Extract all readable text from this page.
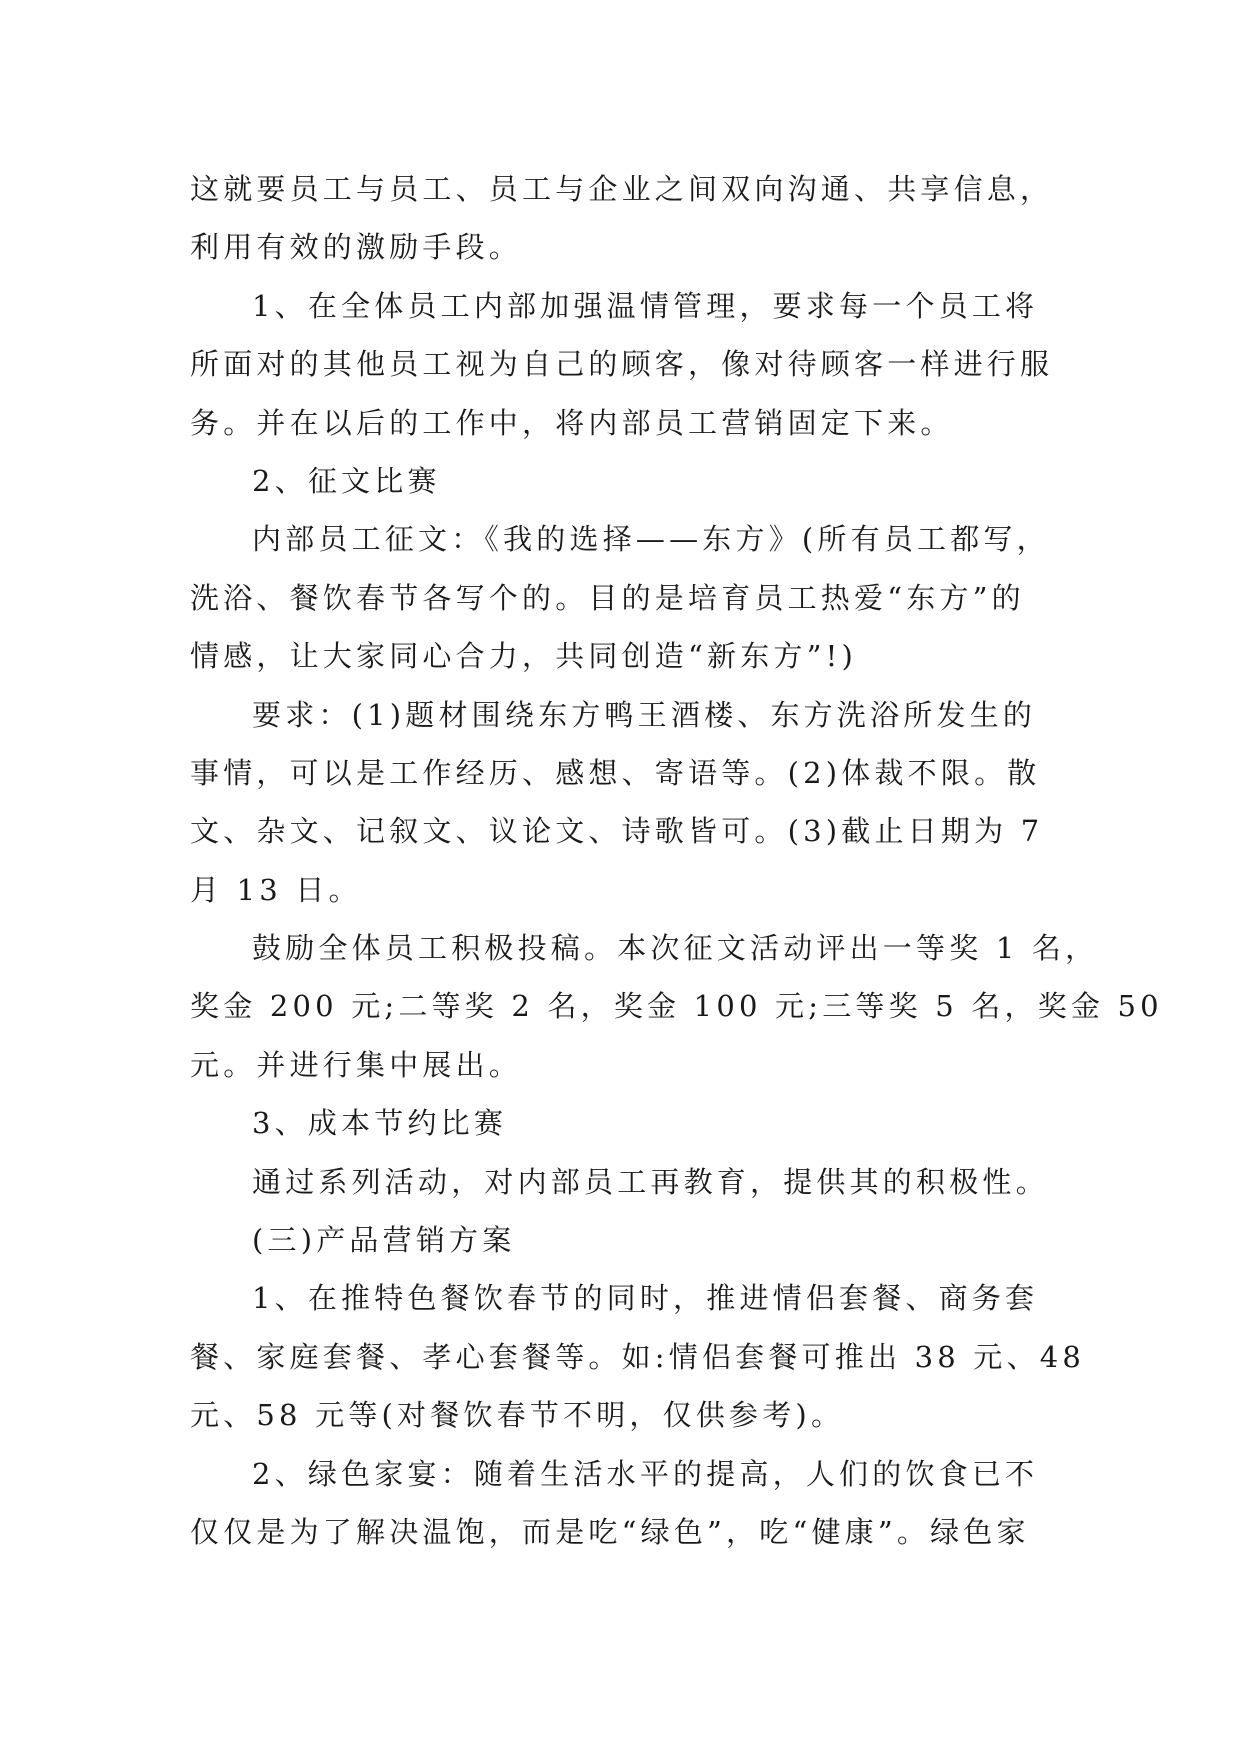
这就要员工与员工、员工与企业之间双向沟通、共享信息，
利用有效的激励手段。
1、在全体员工内部加强温情管理，要求每一个员工将
所面对的其他员工视为自己的顾客，像对待顾客一样进行服
务。并在以后的工作中，将内部员工营销固定下来。
2、征文比赛
内部员工征文：《我的选择——东方》(所有员工都写，
洗浴、餐饮春节各写个的。目的是培育员工热爱“东方”的
情感，让大家同心合力，共同创造“新东方”!)
要求：(1)题材围绕东方鸭王酒楼、东方洗浴所发生的
事情，可以是工作经历、感想、寄语等。(2)体裁不限。散
文、杂文、记叙文、议论文、诗歌皆可。(3)截止日期为 7
月 13 日。
鼓励全体员工积极投稿。本次征文活动评出一等奖 1 名，
奖金 200 元;二等奖 2 名，奖金 100 元;三等奖 5 名，奖金 50
元。并进行集中展出。
3、成本节约比赛
通过系列活动，对内部员工再教育，提供其的积极性。
(三)产品营销方案
1、在推特色餐饮春节的同时，推进情侣套餐、商务套
餐、家庭套餐、孝心套餐等。如:情侣套餐可推出 38 元、48
元、58 元等(对餐饮春节不明，仅供参考)。
2、绿色家宴：随着生活水平的提高，人们的饮食已不
仅仅是为了解决温饱，而是吃“绿色”，吃“健康”。绿色家
